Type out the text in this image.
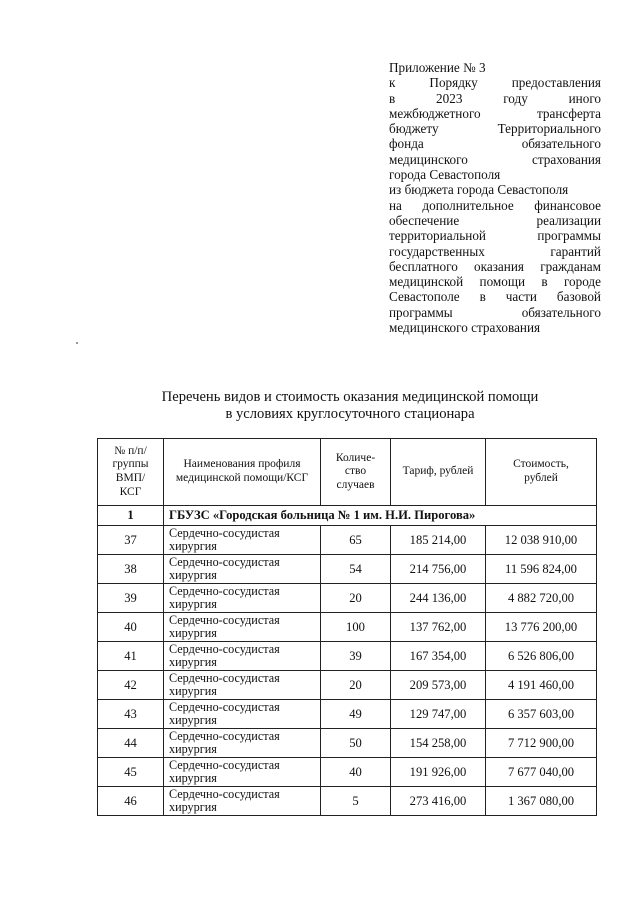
Приложение № 3
к	Порядку	предоставления
в	2023	году	иного
межбюджетного	трансферта
бюджету	Территориального
фонда	обязательного
медицинского	страхования
города Севастополя
из бюджета города Севастополя
на дополнительное финансовое
обеспечение	реализации
территориальной	программы
государственных	гарантий
бесплатного оказания гражданам
медицинской помощи в городе
Севастополе в части базовой
программы	обязательного
медицинского страхования
Перечень видов и стоимость оказания медицинской помощи
в условиях круглосуточного стационара
№ п/п/ группы ВМП/ КСГ	Наименования профиля медицинской помощи/КСГ	Количе- ство случаев	Тариф, рублей	Стоимость, рублей
1	ГБУЗС «Городская больница № 1 им. Н.И. Пирогова»			
37	Сердечно-сосудистая хирургия	65	185 214,00	12 038 910,00
38	Сердечно-сосудистая хирургия	54	214 756,00	11 596 824,00
39	Сердечно-сосудистая хирургия	20	244 136,00	4 882 720,00
40	Сердечно-сосудистая хирургия	100	137 762,00	13 776 200,00
41	Сердечно-сосудистая хирургия	39	167 354,00	6 526 806,00
42	Сердечно-сосудистая хирургия	20	209 573,00	4 191 460,00
43	Сердечно-сосудистая хирургия	49	129 747,00	6 357 603,00
44	Сердечно-сосудистая хирургия	50	154 258,00	7 712 900,00
45	Сердечно-сосудистая хирургия	40	191 926,00	7 677 040,00
46	Сердечно-сосудистая хирургия	5	273 416,00	1 367 080,00
